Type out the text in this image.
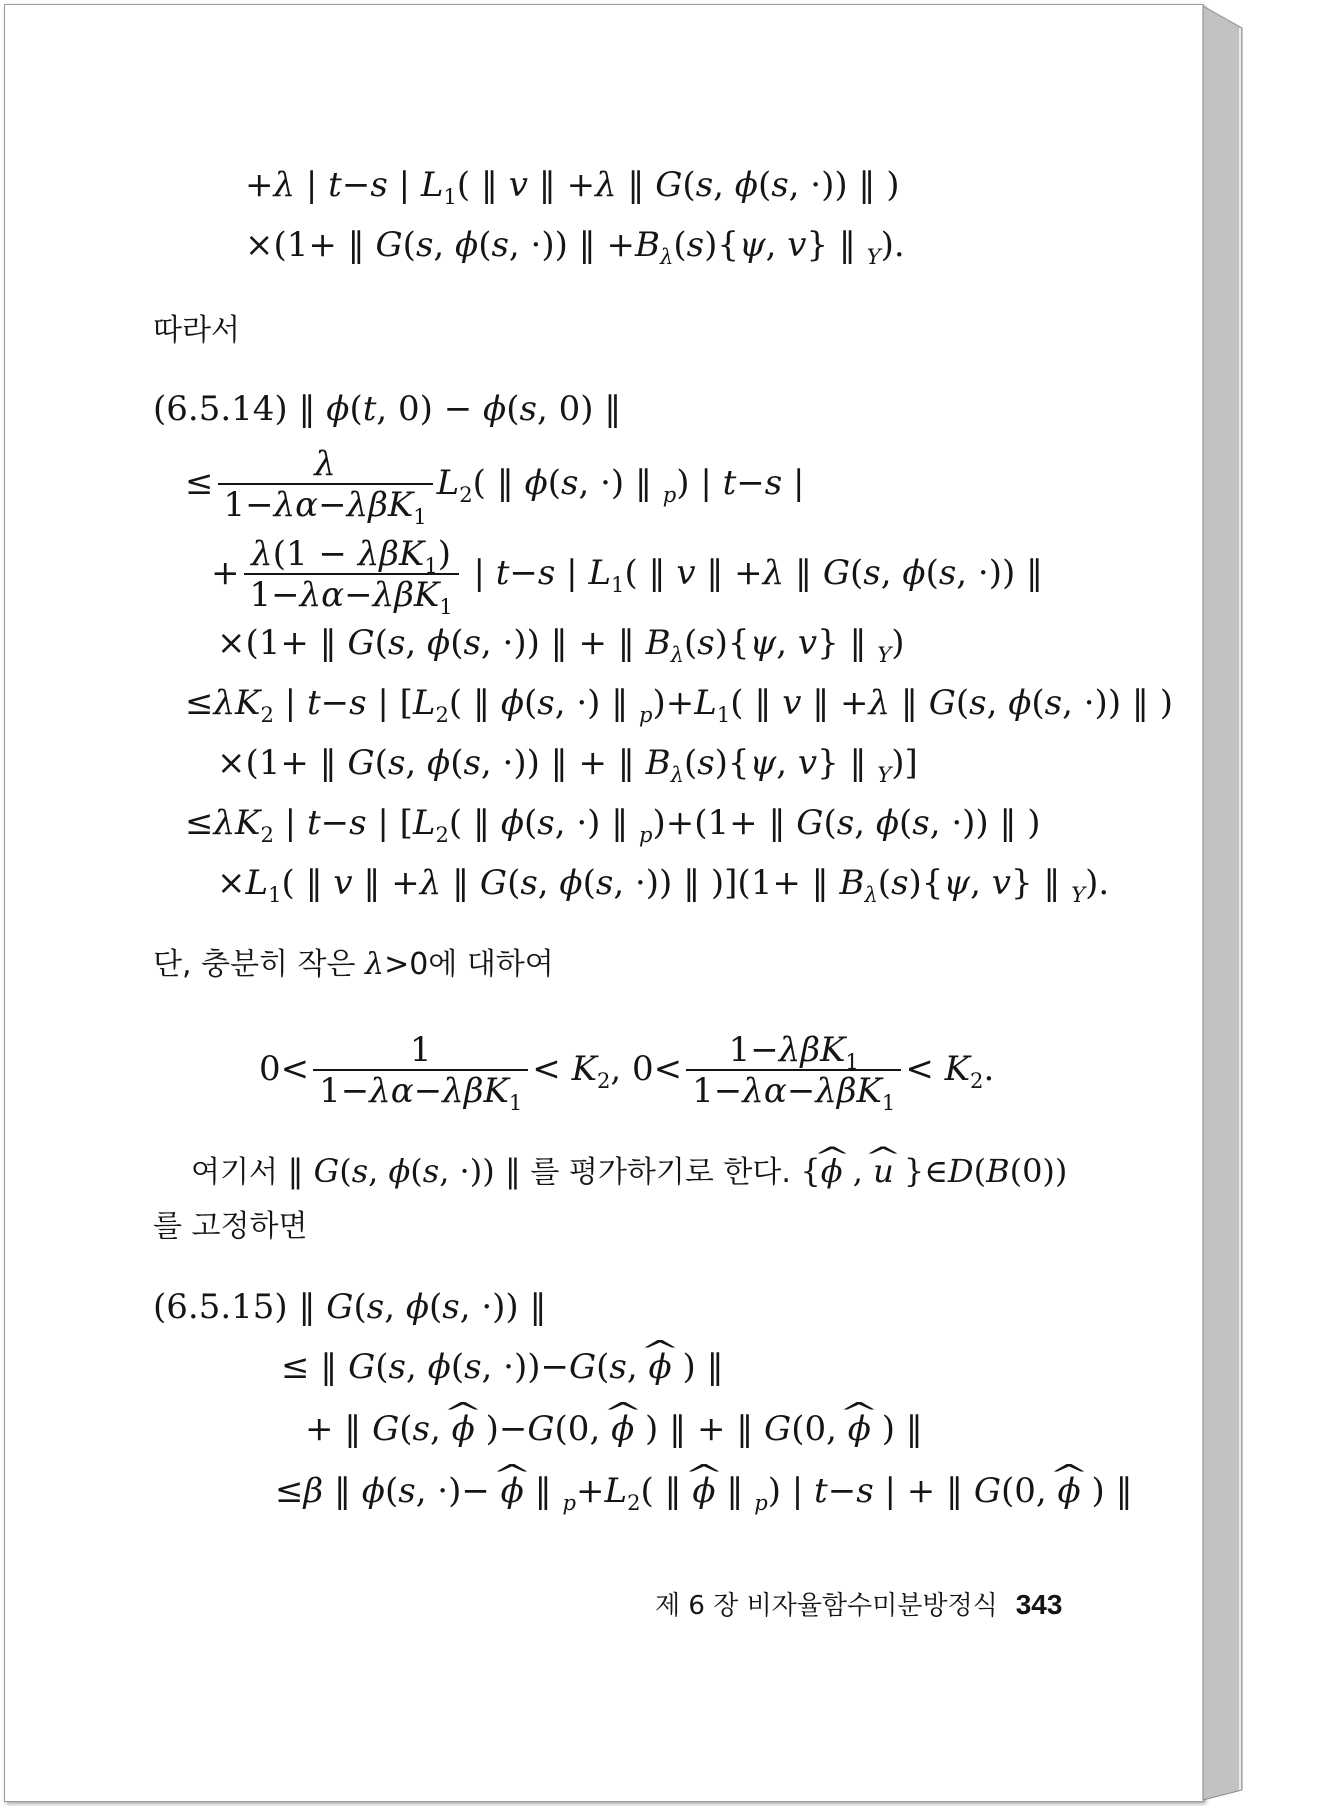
+λ | t−s | $L_1$( ‖ v ‖ +λ ‖ G(s, ϕ(s, ·)) ‖ )
×(1+ ‖ G(s, ϕ(s, ·)) ‖ $+B_\lambda(s)\{\psi$, v} ‖ $_Y$).
따라서
(6.5.14) ‖ ϕ(t, 0) − ϕ(s, 0) ‖
≤ $\frac{\lambda}{1-\lambda\alpha-\lambda\beta K_1} L_2$( ‖ ϕ(s, ·) ‖ $_p$) | t−s |
+ $\frac{\lambda(1 - \lambda\beta K_1)}{1-\lambda\alpha-\lambda\beta K_1}$ | t−s | $L_1$( ‖ v ‖ +λ ‖ G(s, ϕ(s, ·)) ‖
×(1+ ‖ G(s, ϕ(s, ·)) ‖ + ‖ $B_\lambda(s)\{\psi$, v} ‖ $_Y$)
$\le\lambda K_2$ | t−s | [$L_2$( ‖ ϕ(s, ·) ‖ $_p)+L_1$( ‖ v ‖ +λ ‖ G(s, ϕ(s, ·)) ‖ )
×(1+ ‖ G(s, ϕ(s, ·)) ‖ + ‖ $B_\lambda(s)\{\psi$, v} ‖ $_Y$)]
$\le\lambda K_2$ | t−s | [$L_2$( ‖ ϕ(s, ·) ‖ $_p$)+(1+ ‖ G(s, ϕ(s, ·)) ‖ )
$\times L_1$( ‖ v ‖ +λ ‖ G(s, ϕ(s, ·)) ‖ )](1+ ‖ $B_\lambda(s)\{\psi$, v} ‖ $_Y$).
단, 충분히 작은 λ>0에 대하여
$0< \frac{1}{1-\lambda\alpha-\lambda\beta K_1} < K_2$, $0< \frac{1-\lambda\beta K_1}{1-\lambda\alpha-\lambda\beta K_1} < K_2$.
여기서 ‖ G(s, ϕ(s, ·)) ‖ 를 평가하기로 한다. {^ ϕ , ^ u }∈D(B(0))
를 고정하면
(6.5.15) ‖ G(s, ϕ(s, ·)) ‖
≤ ‖ G(s, ϕ(s, ·))−G(s, ^ ϕ ) ‖
+ ‖ G(s, ^ ϕ )−G(0, ^ ϕ ) ‖ + ‖ G(0, ^ ϕ ) ‖
≤β ‖ ϕ(s, ·)− ^ ϕ ‖ $_p+L_2$( ‖ ^ ϕ ‖ $_p$) | t−s | + ‖ G(0, ^ ϕ ) ‖
제 6 장 비자율함수미분방정식 343
